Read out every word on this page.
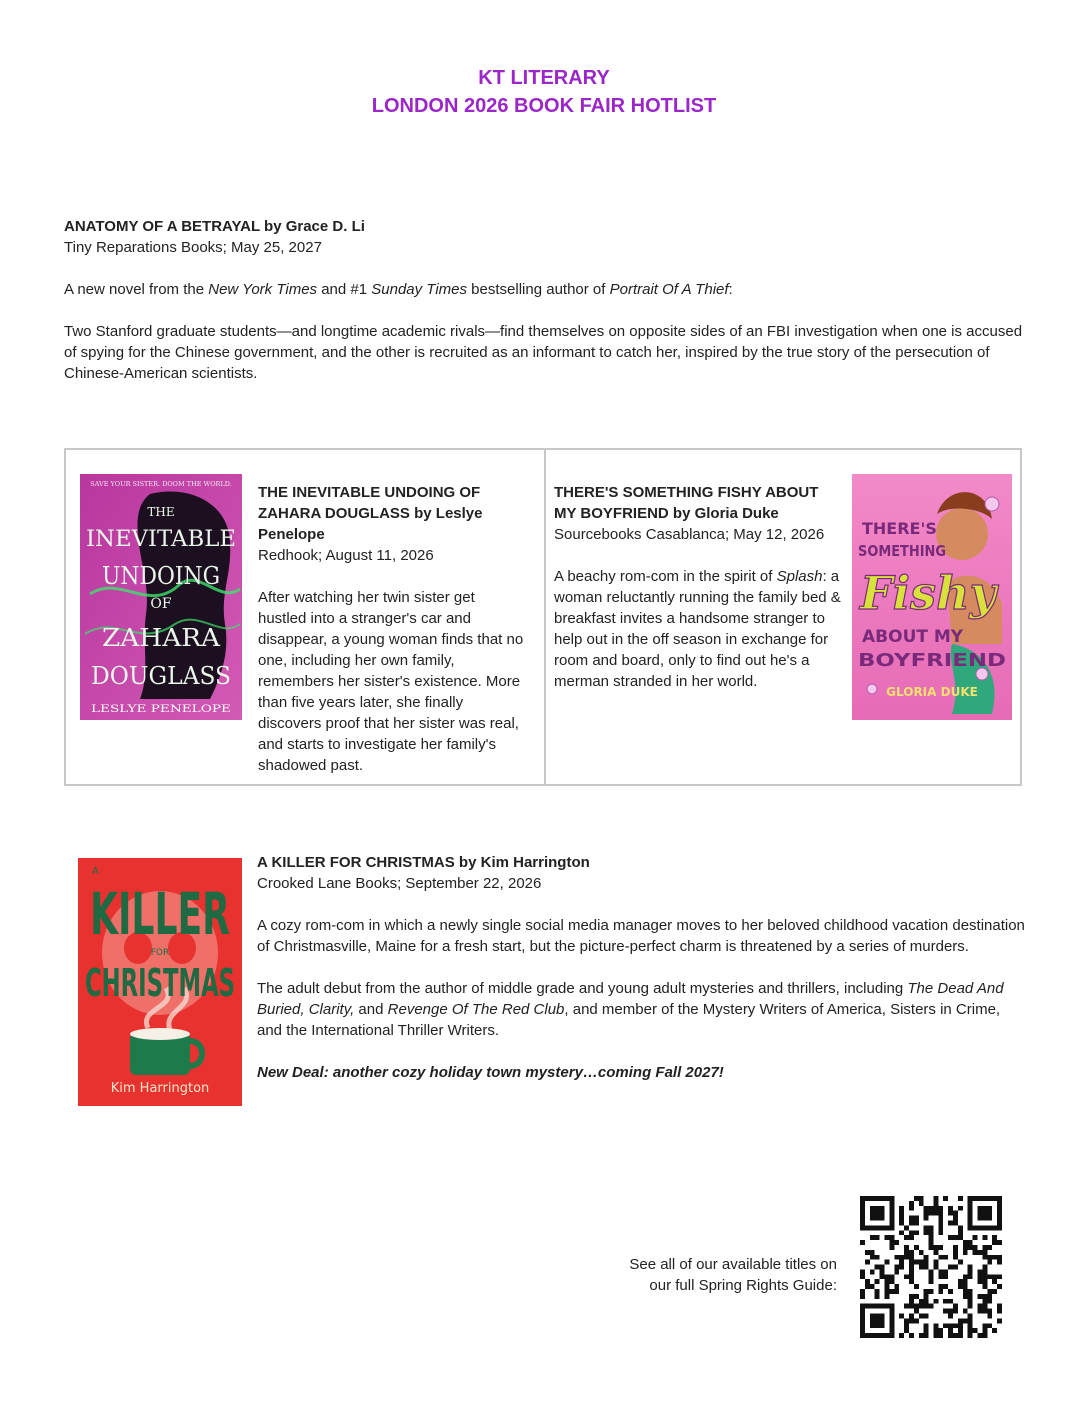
KT LITERARY
LONDON 2026 BOOK FAIR HOTLIST

ANATOMY OF A BETRAYAL by Grace D. Li

Tiny Reparations Books; May 25, 2027

A new novel from the New York Times and #1 Sunday Times bestselling author of Portrait Of A Thief:

Two Stanford graduate students—and longtime academic rivals—find themselves on opposite sides of an FBI investigation when one is accused of spying for the Chinese government, and the other is recruited as an informant to catch her, inspired by the true story of the persecution of Chinese-American scientists.

SAVE YOUR SISTER. DOOM THE WORLD.
THE
INEVITABLE
UNDOING
OF
ZAHARA
DOUGLASS
LESLYE PENELOPE
THE INEVITABLE UNDOING OF ZAHARA DOUGLASS by Leslye Penelope
Redhook; August 11, 2026
After watching her twin sister get hustled into a stranger's car and disappear, a young woman finds that no one, including her own family, remembers her sister's existence. More than five years later, she finally discovers proof that her sister was real, and starts to investigate her family's shadowed past.
THERE'S SOMETHING FISHY ABOUT MY BOYFRIEND by Gloria Duke
Sourcebooks Casablanca; May 12, 2026
A beachy rom-com in the spirit of Splash: a woman reluctantly running the family bed & breakfast invites a handsome stranger to help out in the off season in exchange for room and board, only to find out he's a merman stranded in her world.
THERE'S
SOMETHING
Fishy
ABOUT MY
BOYFRIEND
GLORIA DUKE
A
KILLER
FOR
CHRISTMAS
Kim Harrington

A KILLER FOR CHRISTMAS by Kim Harrington

Crooked Lane Books; September 22, 2026

A cozy rom-com in which a newly single social media manager moves to her beloved childhood vacation destination of Christmasville, Maine for a fresh start, but the picture-perfect charm is threatened by a series of murders.

The adult debut from the author of middle grade and young adult mysteries and thrillers, including The Dead And Buried, Clarity, and Revenge Of The Red Club, and member of the Mystery Writers of America, Sisters in Crime, and the International Thriller Writers.

New Deal: another cozy holiday town mystery…coming Fall 2027!

See all of our available titles on
our full Spring Rights Guide:
